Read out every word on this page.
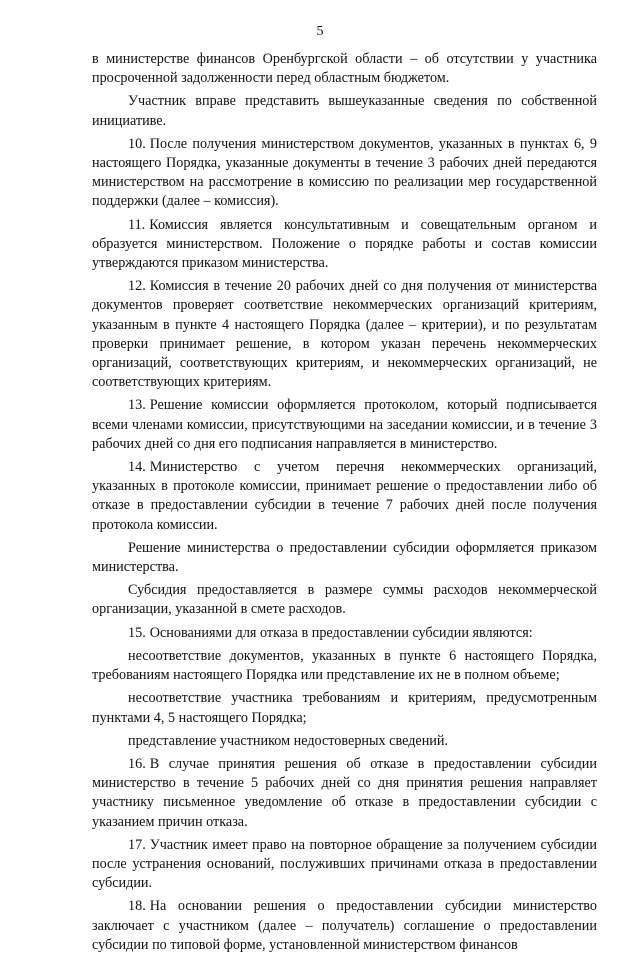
5

в министерстве финансов Оренбургской области – об отсутствии у участника просроченной задолженности перед областным бюджетом.

Участник вправе представить вышеуказанные сведения по собственной инициативе.

10. После получения министерством документов, указанных в пунктах 6, 9 настоящего Порядка, указанные документы в течение 3 рабочих дней передаются министерством на рассмотрение в комиссию по реализации мер государственной поддержки (далее – комиссия).

11. Комиссия является консультативным и совещательным органом и образуется министерством. Положение о порядке работы и состав комиссии утверждаются приказом министерства.

12. Комиссия в течение 20 рабочих дней со дня получения от министерства документов проверяет соответствие некоммерческих организаций критериям, указанным в пункте 4 настоящего Порядка (далее – критерии), и по результатам проверки принимает решение, в котором указан перечень некоммерческих организаций, соответствующих критериям, и некоммерческих организаций, не соответствующих критериям.

13. Решение комиссии оформляется протоколом, который подписывается всеми членами комиссии, присутствующими на заседании комиссии, и в течение 3 рабочих дней со дня его подписания направляется в министерство.

14. Министерство с учетом перечня некоммерческих организаций, указанных в протоколе комиссии, принимает решение о предоставлении либо об отказе в предоставлении субсидии в течение 7 рабочих дней после получения протокола комиссии.

Решение министерства о предоставлении субсидии оформляется приказом министерства.

Субсидия предоставляется в размере суммы расходов некоммерческой организации, указанной в смете расходов.

15. Основаниями для отказа в предоставлении субсидии являются:

несоответствие документов, указанных в пункте 6 настоящего Порядка, требованиям настоящего Порядка или представление их не в полном объеме;

несоответствие участника требованиям и критериям, предусмотренным пунктами 4, 5 настоящего Порядка;

представление участником недостоверных сведений.

16. В случае принятия решения об отказе в предоставлении субсидии министерство в течение 5 рабочих дней со дня принятия решения направляет участнику письменное уведомление об отказе в предоставлении субсидии с указанием причин отказа.

17. Участник имеет право на повторное обращение за получением субсидии после устранения оснований, послуживших причинами отказа в предоставлении субсидии.

18. На основании решения о предоставлении субсидии министерство заключает с участником (далее – получатель) соглашение о предоставлении субсидии по типовой форме, установленной министерством финансов
